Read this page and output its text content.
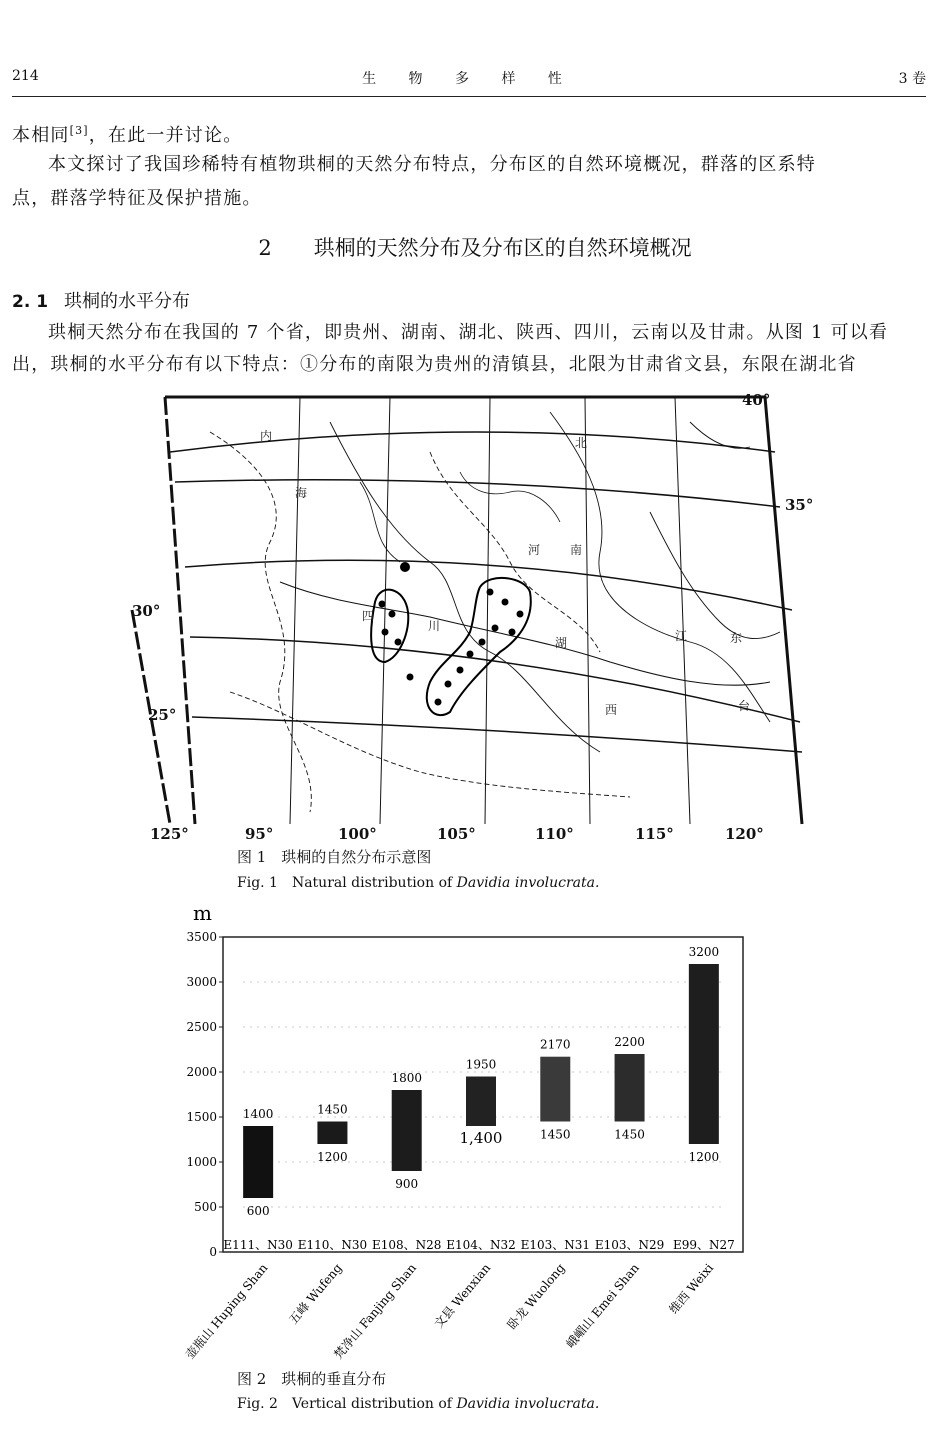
214	生 物 多 样 性	3 卷
本相同[3]，在此一并讨论。
本文探讨了我国珍稀特有植物珙桐的天然分布特点，分布区的自然环境概况，群落的区系特
点，群落学特征及保护措施。
2 珙桐的天然分布及分布区的自然环境概况
2. 1 珙桐的水平分布
珙桐天然分布在我国的 7 个省，即贵州、湖南、湖北、陕西、四川，云南以及甘肃。从图 1 可以看
出，珙桐的水平分布有以下特点：①分布的南限为贵州的清镇县，北限为甘肃省文县，东限在湖北省
40°
35°
30°
25°
125°	95°	100°	105°	110°	115°	120°
内
海
川
四
河 南
湖
北
江
西	台
东
图 1　珙桐的自然分布示意图
Fig. 1　Natural distribution of Davidia involucrata.
m
0
500
1000
1500
2000
2500
3000
3500
1400
600
E111、N30
壶瓶山 Huping Shan
1450
1200
E110、N30
五峰 Wufeng
1800
900
E108、N28
梵净山 Fanjing Shan
1950
1,400
E104、N32
文县 Wenxian
2170
1450
E103、N31
卧龙 Wuolong
2200
1450
E103、N29
峨嵋山 Emei Shan
3200
1200
E99、N27
维西 Weixi
图 2　珙桐的垂直分布
Fig. 2　Vertical distribution of Davidia involucrata.
